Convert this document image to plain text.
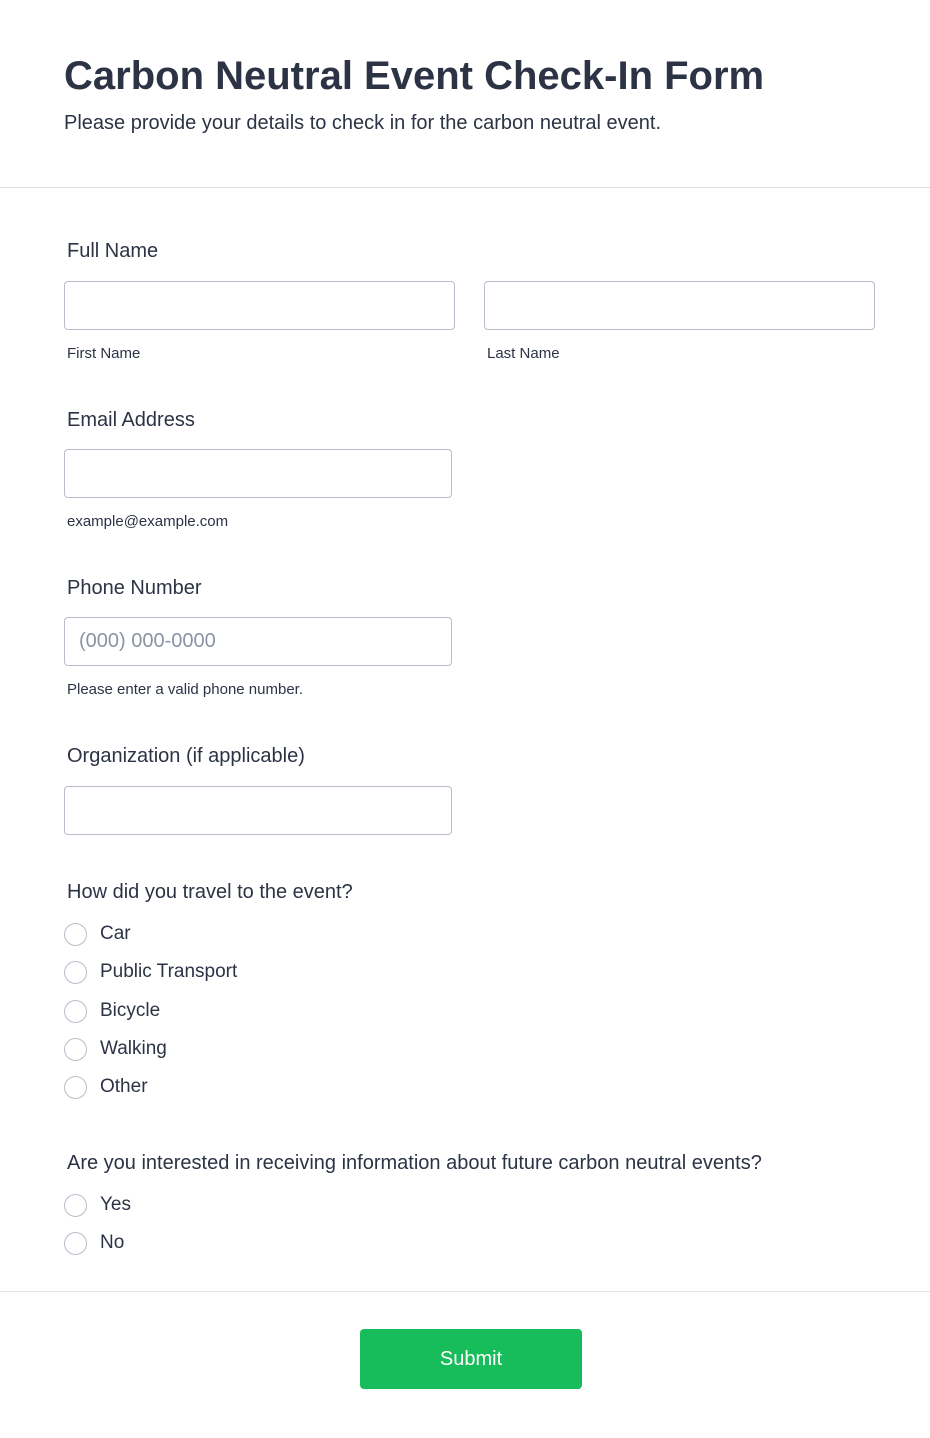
Carbon Neutral Event Check-In Form

Please provide your details to check in for the carbon neutral event.

Full Name
First Name	Last Name
Email Address
example@example.com
Phone Number
(000) 000-0000
Please enter a valid phone number.
Organization (if applicable)
How did you travel to the event?
Car
Public Transport
Bicycle
Walking
Other
Are you interested in receiving information about future carbon neutral events?
Yes
No
Submit
